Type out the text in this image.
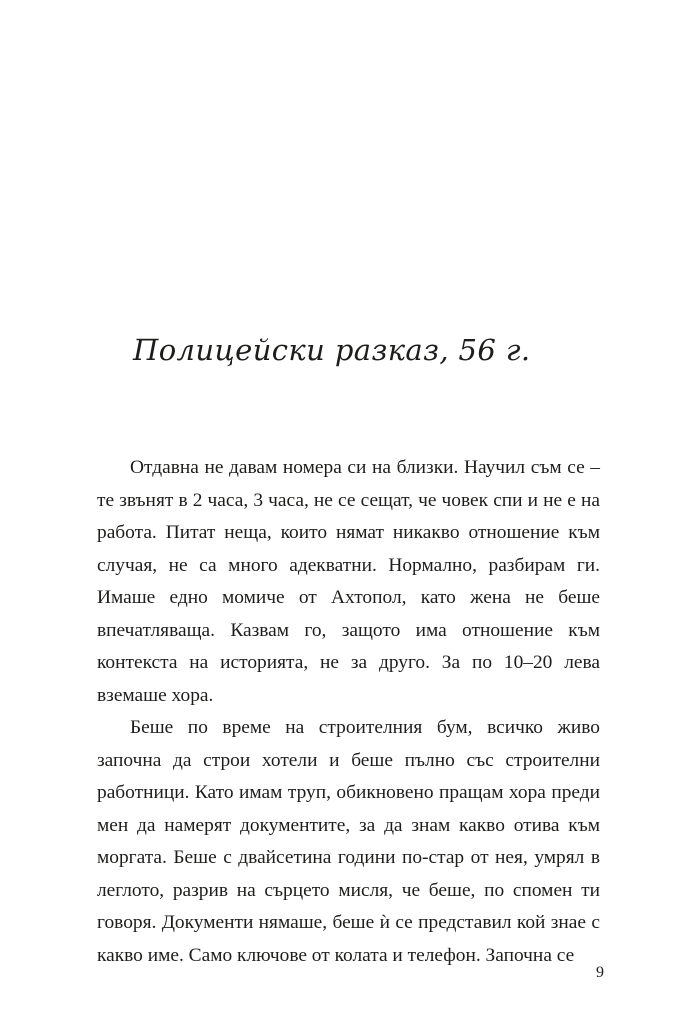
Полицейски разказ, 56 г.

Отдавна не давам номера си на близки. Научил съм се – те звънят в 2 часа, 3 часа, не се сещат, че човек спи и не е на работа. Питат неща, които нямат никакво отношение към случая, не са много адекватни. Нормално, разбирам ги. Имаше едно момиче от Ахтопол, като жена не беше впечатляваща. Казвам го, защото има отношение към контекста на историята, не за друго. За по 10–20 лева вземаше хора.

Беше по време на строителния бум, всичко живо започна да строи хотели и беше пълно със строителни работници. Като имам труп, обикновено пращам хора преди мен да намерят документите, за да знам какво отива към моргата. Беше с двайсетина години по-стар от нея, умрял в леглото, разрив на сърцето мисля, че беше, по спомен ти говоря. Документи нямаше, беше ѝ се представил кой знае с какво име. Само ключове от колата и телефон. Започна се

9
